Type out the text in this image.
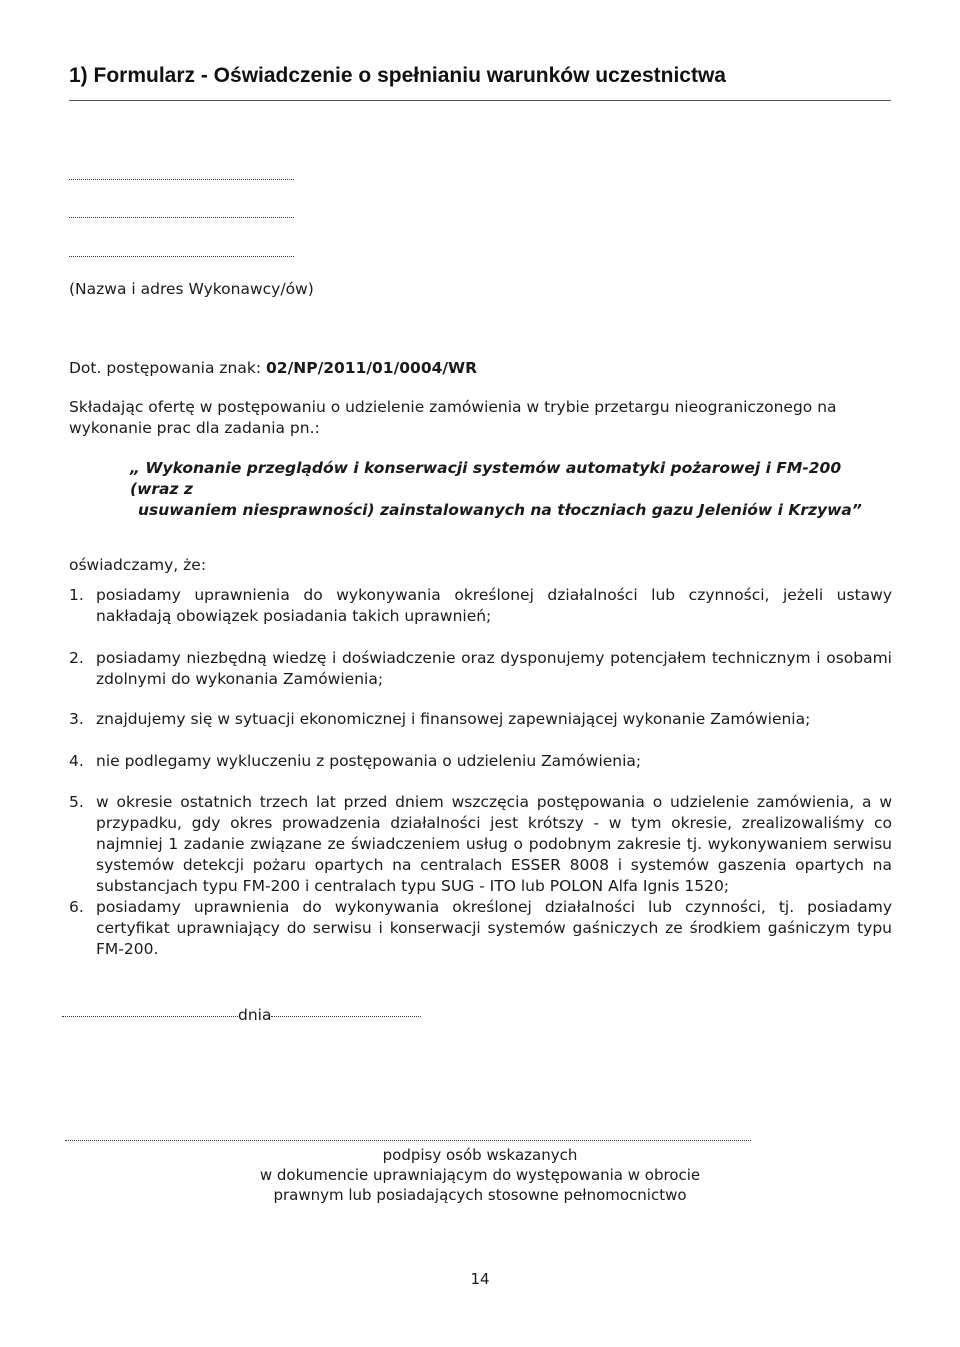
1) Formularz - Oświadczenie o spełnianiu warunków uczestnictwa
(Nazwa i adres Wykonawcy/ów)
Dot. postępowania znak: 02/NP/2011/01/0004/WR
Składając ofertę w postępowaniu o udzielenie zamówienia w trybie przetargu nieograniczonego na
wykonanie prac dla zadania pn.:
„ Wykonanie przeglądów i konserwacji systemów automatyki pożarowej i FM-200 (wraz z
usuwaniem niesprawności) zainstalowanych na tłoczniach gazu Jeleniów i Krzywa”
oświadczamy, że:
1. posiadamy uprawnienia do wykonywania określonej działalności lub czynności, jeżeli ustawy nakładają obowiązek posiadania takich uprawnień;
2. posiadamy niezbędną wiedzę i doświadczenie oraz dysponujemy potencjałem technicznym i osobami zdolnymi do wykonania Zamówienia;
3. znajdujemy się w sytuacji ekonomicznej i finansowej zapewniającej wykonanie Zamówienia;
4. nie podlegamy wykluczeniu z postępowania o udzieleniu Zamówienia;
5. w okresie ostatnich trzech lat przed dniem wszczęcia postępowania o udzielenie zamówienia, a w przypadku, gdy okres prowadzenia działalności jest krótszy - w tym okresie, zrealizowaliśmy co najmniej 1 zadanie związane ze świadczeniem usług o podobnym zakresie tj. wykonywaniem serwisu systemów detekcji pożaru opartych na centralach ESSER 8008 i systemów gaszenia opartych na substancjach typu FM-200 i centralach typu SUG - ITO lub POLON Alfa Ignis 1520;
6. posiadamy uprawnienia do wykonywania określonej działalności lub czynności, tj. posiadamy certyfikat uprawniający do serwisu i konserwacji systemów gaśniczych ze środkiem gaśniczym typu FM-200.
dnia
podpisy osób wskazanych
w dokumencie uprawniającym do występowania w obrocie
prawnym lub posiadających stosowne pełnomocnictwo
14
